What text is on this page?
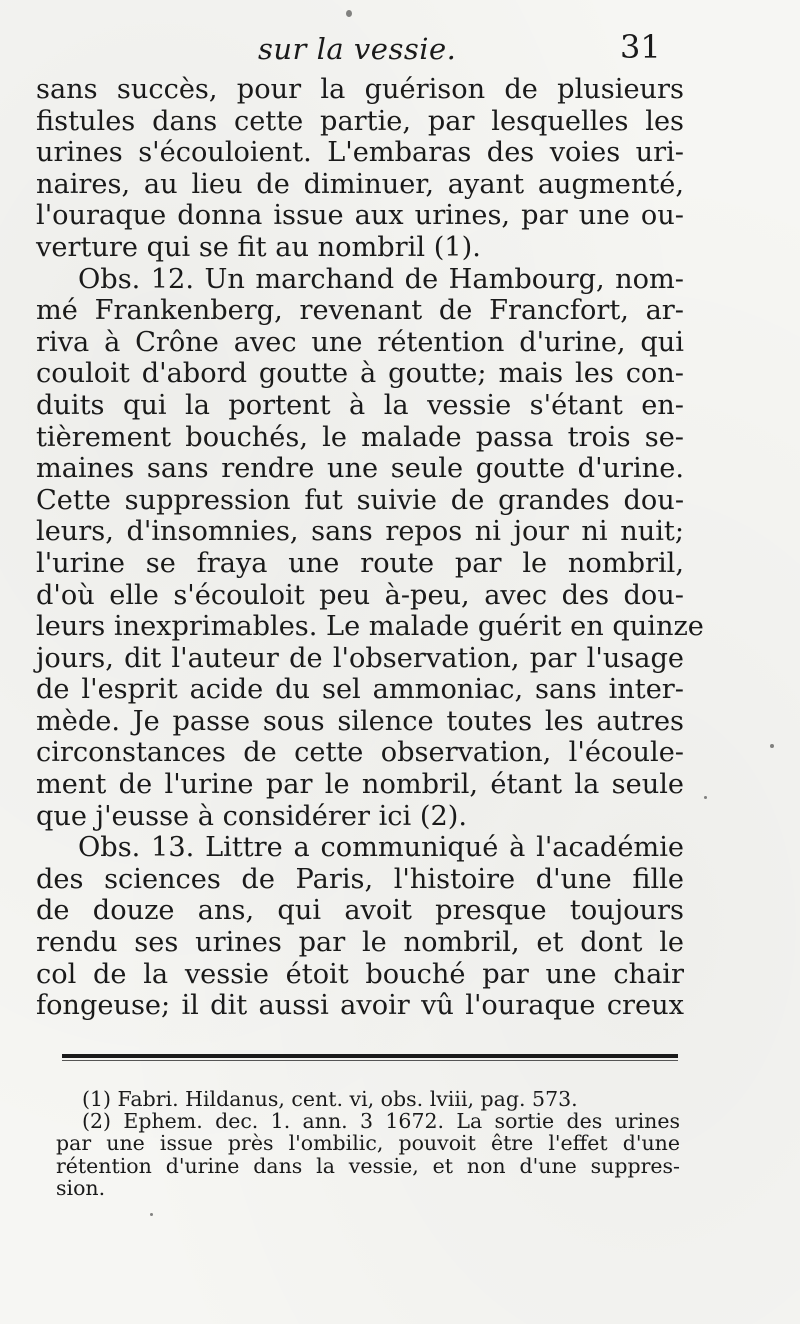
sur la vessie.	31
sans succès, pour la guérison de plusieurs
fistules dans cette partie, par lesquelles les
urines s'écouloient. L'embaras des voies uri-
naires, au lieu de diminuer, ayant augmenté,
l'ouraque donna issue aux urines, par une ou-
verture qui se fit au nombril (1).
Obs. 12. Un marchand de Hambourg, nom-
mé Frankenberg, revenant de Francfort, ar-
riva à Crône avec une rétention d'urine, qui
couloit d'abord goutte à goutte; mais les con-
duits qui la portent à la vessie s'étant en-
tièrement bouchés, le malade passa trois se-
maines sans rendre une seule goutte d'urine.
Cette suppression fut suivie de grandes dou-
leurs, d'insomnies, sans repos ni jour ni nuit;
l'urine se fraya une route par le nombril,
d'où elle s'écouloit peu à-peu, avec des dou-
leurs inexprimables. Le malade guérit en quinze
jours, dit l'auteur de l'observation, par l'usage
de l'esprit acide du sel ammoniac, sans inter-
mède. Je passe sous silence toutes les autres
circonstances de cette observation, l'écoule-
ment de l'urine par le nombril, étant la seule
que j'eusse à considérer ici (2).
Obs. 13. Littre a communiqué à l'académie
des sciences de Paris, l'histoire d'une fille
de douze ans, qui avoit presque toujours
rendu ses urines par le nombril, et dont le
col de la vessie étoit bouché par une chair
fongeuse; il dit aussi avoir vû l'ouraque creux
(1) Fabri. Hildanus, cent. vi, obs. lviii, pag. 573.
(2) Ephem. dec. 1. ann. 3 1672. La sortie des urines
par une issue près l'ombilic, pouvoit être l'effet d'une
rétention d'urine dans la vessie, et non d'une suppres-
sion.
